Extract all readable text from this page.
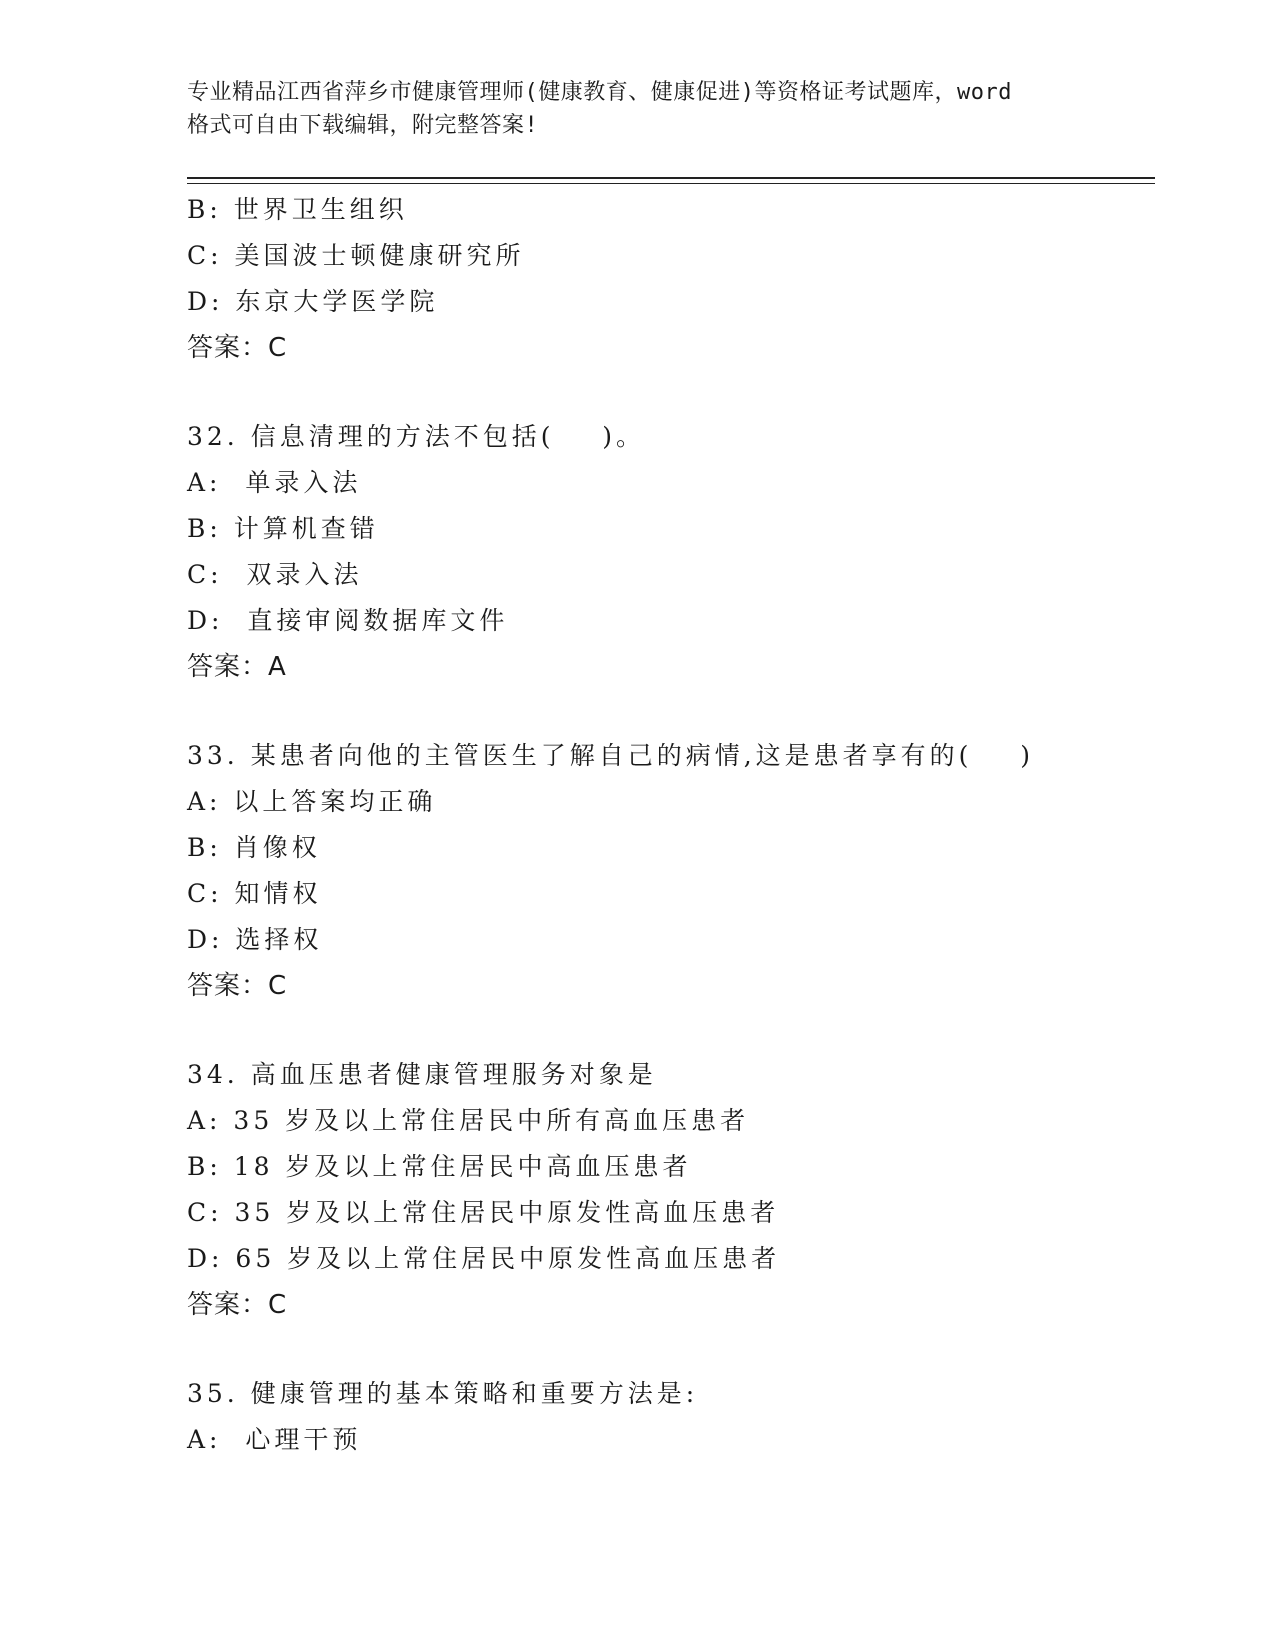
专业精品江西省萍乡市健康管理师(健康教育、健康促进)等资格证考试题库，word
格式可自由下载编辑，附完整答案!
B: 世界卫生组织
C: 美国波士顿健康研究所
D: 东京大学医学院
答案：C
32. 信息清理的方法不包括(    )。
A:  单录入法
B: 计算机查错
C:  双录入法
D:  直接审阅数据库文件
答案：A
33. 某患者向他的主管医生了解自己的病情,这是患者享有的(    )
A: 以上答案均正确
B: 肖像权
C: 知情权
D: 选择权
答案：C
34. 高血压患者健康管理服务对象是
A: 35 岁及以上常住居民中所有高血压患者
B: 18 岁及以上常住居民中高血压患者
C: 35 岁及以上常住居民中原发性高血压患者
D: 65 岁及以上常住居民中原发性高血压患者
答案：C
35. 健康管理的基本策略和重要方法是:
A:  心理干预
